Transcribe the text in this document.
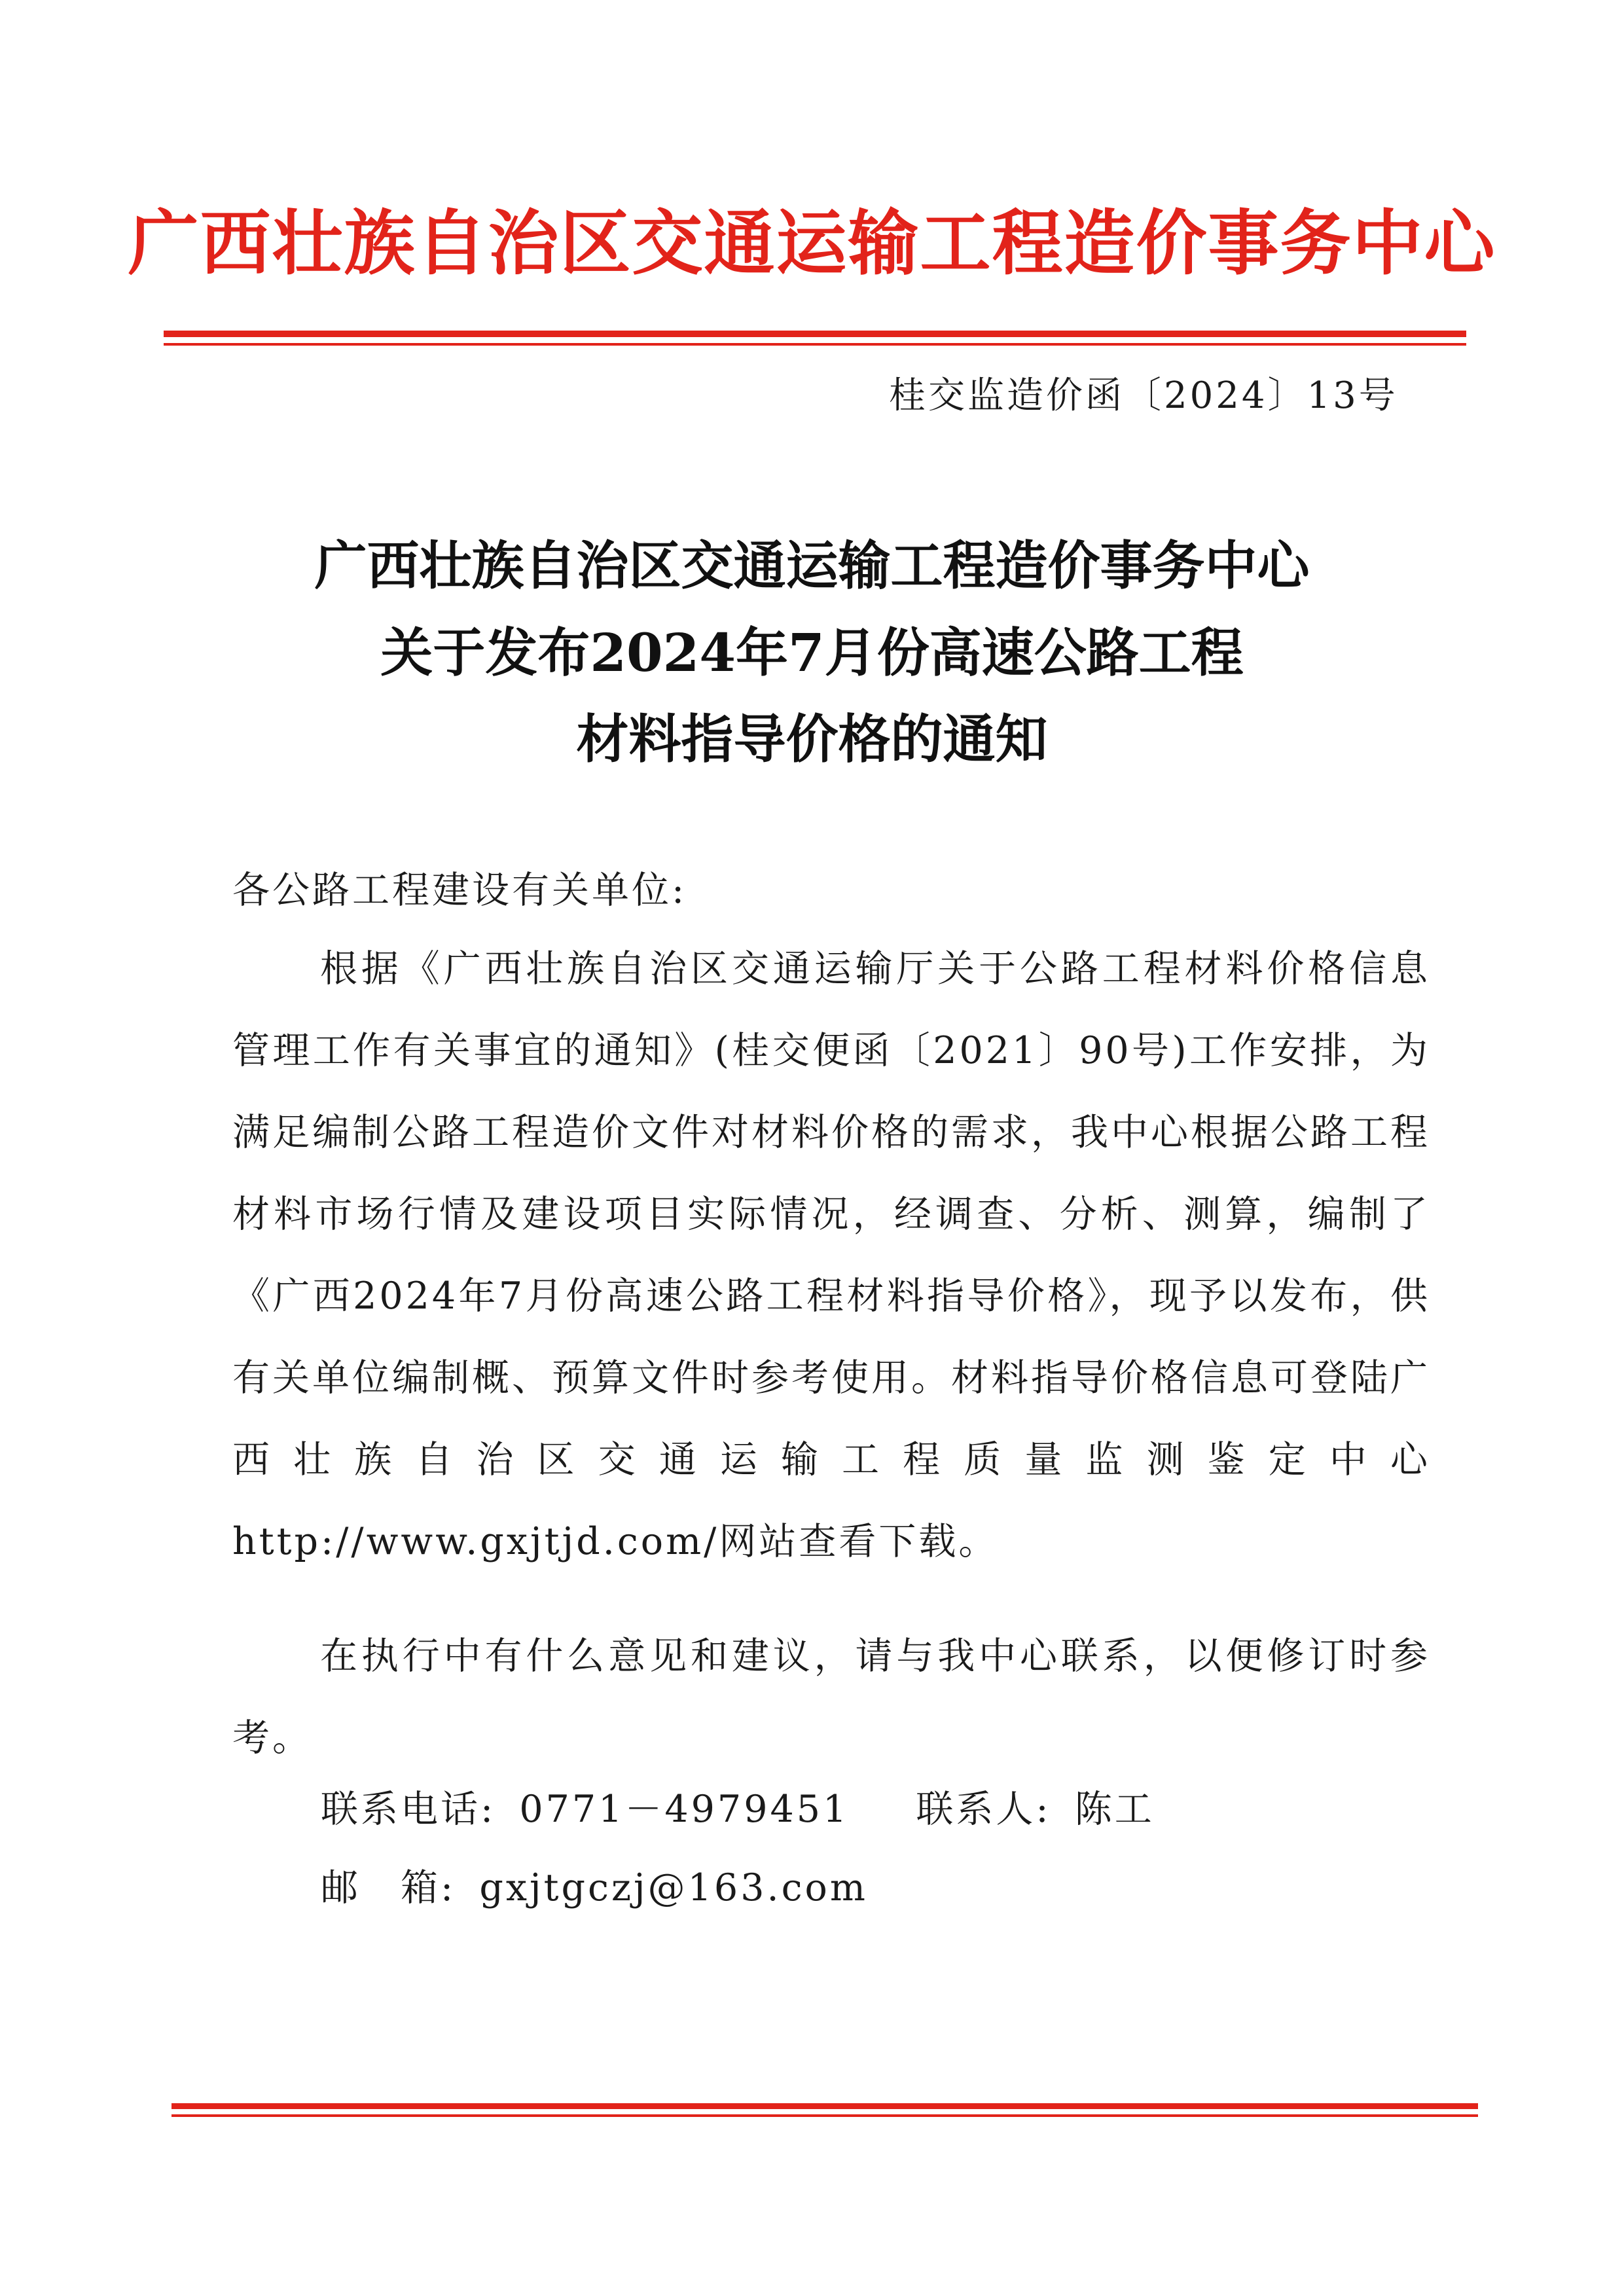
广西壮族自治区交通运输工程造价事务中心
桂交监造价函〔2024〕13号
广西壮族自治区交通运输工程造价事务中心
关于发布2024年7月份高速公路工程
材料指导价格的通知

各公路工程建设有关单位:

根据《广西壮族自治区交通运输厅关于公路工程材料价格信息管理工作有关事宜的通知》(桂交便函〔2021〕90号)工作安排，为满足编制公路工程造价文件对材料价格的需求，我中心根据公路工程材料市场行情及建设项目实际情况，经调查、分析、测算，编制了《广西2024年7月份高速公路工程材料指导价格》，现予以发布，供有关单位编制概、预算文件时参考使用。材料指导价格信息可登陆广西壮族自治区交通运输工程质量监测鉴定中心http://www.gxjtjd.com/网站查看下载。

在执行中有什么意见和建议，请与我中心联系，以便修订时参考。

联系电话: 0771－4979451 联系人: 陈工
邮　箱: gxjtgczj@163.com
